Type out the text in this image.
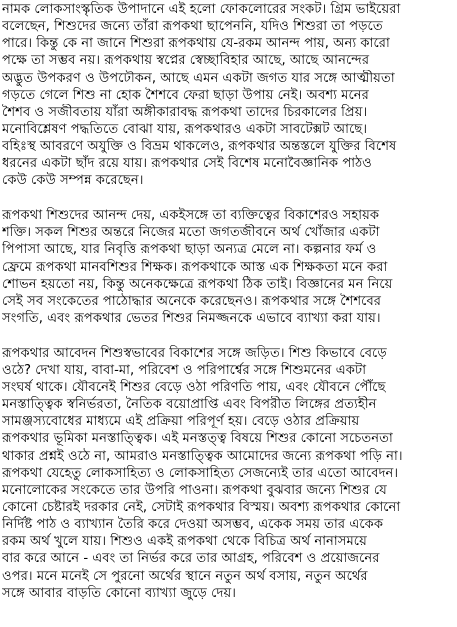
নামক লোকসাংস্কৃতিক উপাদানে এই হলো ফোকলোরের সংকট। গ্রিম ভাইয়েরা
বলেছেন, শিশুদের জন্যে তাঁরা রূপকথা ছাপেননি, যদিও শিশুরা তা পড়তে
পারে। কিন্তু কে না জানে শিশুরা রূপকথায় যে-রকম আনন্দ পায়, অন্য কারো
পক্ষে তা সম্ভব নয়। রূপকথায় স্বপ্নের স্বেচ্ছাবিহার আছে, আছে আনন্দের
অদ্ভুত উপকরণ ও উপঢৌকন, আছে এমন একটা জগত যার সঙ্গে আত্মীয়তা
গড়তে গেলে শিশু না হোক শৈশবে ফেরা ছাড়া উপায় নেই। অবশ্য মনের
শৈশব ও সজীবতায় যাঁরা অঙ্গীকারাবদ্ধ রূপকথা তাদের চিরকালের প্রিয়।
মনোবিশ্লেষণ পদ্ধতিতে বোঝা যায়, রূপকথারও একটা সাবটেক্সট আছে।
বহিঃস্থ আবরণে অযুক্তি ও বিভ্রম থাকলেও, রূপকথার অন্তস্তলে যুক্তির বিশেষ
ধরনের একটা ছাঁদ রয়ে যায়। রূপকথার সেই বিশেষ মনোবৈজ্ঞানিক পাঠও
কেউ কেউ সম্পন্ন করেছেন।
রূপকথা শিশুদের আনন্দ দেয়, একইসঙ্গে তা ব্যক্তিত্বের বিকাশেরও সহায়ক
শক্তি। সকল শিশুর অন্তরে নিজের মতো জগতজীবনে অর্থ খোঁজার একটা
পিপাসা আছে, যার নিবৃত্তি রূপকথা ছাড়া অন্যত্র মেলে না। কল্পনার ফর্ম ও
ফ্রেমে রূপকথা মানবশিশুর শিক্ষক। রূপকথাকে আস্ত এক শিক্ষকতা মনে করা
শোভন হয়তো নয়, কিন্তু অনেকক্ষেত্রে রূপকথা ঠিক তাই। বিজ্ঞানের মন নিয়ে
সেই সব সংকেতের পাঠোদ্ধার অনেকে করেছেনও। রূপকথার সঙ্গে শৈশবের
সংগতি, এবং রূপকথার ভেতর শিশুর নিমজ্জনকে এভাবে ব্যাখ্যা করা যায়।
রূপকথার আবেদন শিশুস্বভাবের বিকাশের সঙ্গে জড়িত। শিশু কিভাবে বেড়ে
ওঠে? দেখা যায়, বাবা-মা, পরিবেশ ও পরিপার্শ্বের সঙ্গে শিশুমনের একটা
সংঘর্ষ থাকে। যৌবনেই শিশুর বেড়ে ওঠা পরিণতি পায়, এবং যৌবনে পৌঁছে
মনস্তাত্ত্বিক স্বনির্ভরতা, নৈতিক বয়োপ্রাপ্তি এবং বিপরীত লিঙ্গের প্রত্যহীন
সামঞ্জস্যবোধের মাধ্যমে এই প্রক্রিয়া পরিপূর্ণ হয়। বেড়ে ওঠার প্রক্রিয়ায়
রূপকথার ভূমিকা মনস্তাত্ত্বিক। এই মনস্তত্ত্ব বিষয়ে শিশুর কোনো সচেতনতা
থাকার প্রশ্নই ওঠে না, আমরাও মনস্তাত্ত্বিক আমোদের জন্যে রূপকথা পড়ি না।
রূপকথা যেহেতু লোকসাহিত্য ও লোকসাহিত্য সেজন্যেই তার এতো আবেদন।
মনোলোকের সংকেতে তার উপরি পাওনা। রূপকথা বুঝবার জন্যে শিশুর যে
কোনো চেষ্টারই দরকার নেই, সেটাই রূপকথার বিস্ময়। অবশ্য রূপকথার কোনো
নির্দিষ্ট পাঠ ও ব্যাখ্যান তৈরি করে দেওয়া অসম্ভব, একেক সময় তার একেক
রকম অর্থ খুলে যায়। শিশুও একই রূপকথা থেকে বিচিত্র অর্থ নানাসময়ে
বার করে আনে - এবং তা নির্ভর করে তার আগ্রহ, পরিবেশ ও প্রয়োজনের
ওপর। মনে মনেই সে পুরনো অর্থের স্থানে নতুন অর্থ বসায়, নতুন অর্থের
সঙ্গে আবার বাড়তি কোনো ব্যাখ্যা জুড়ে দেয়।
